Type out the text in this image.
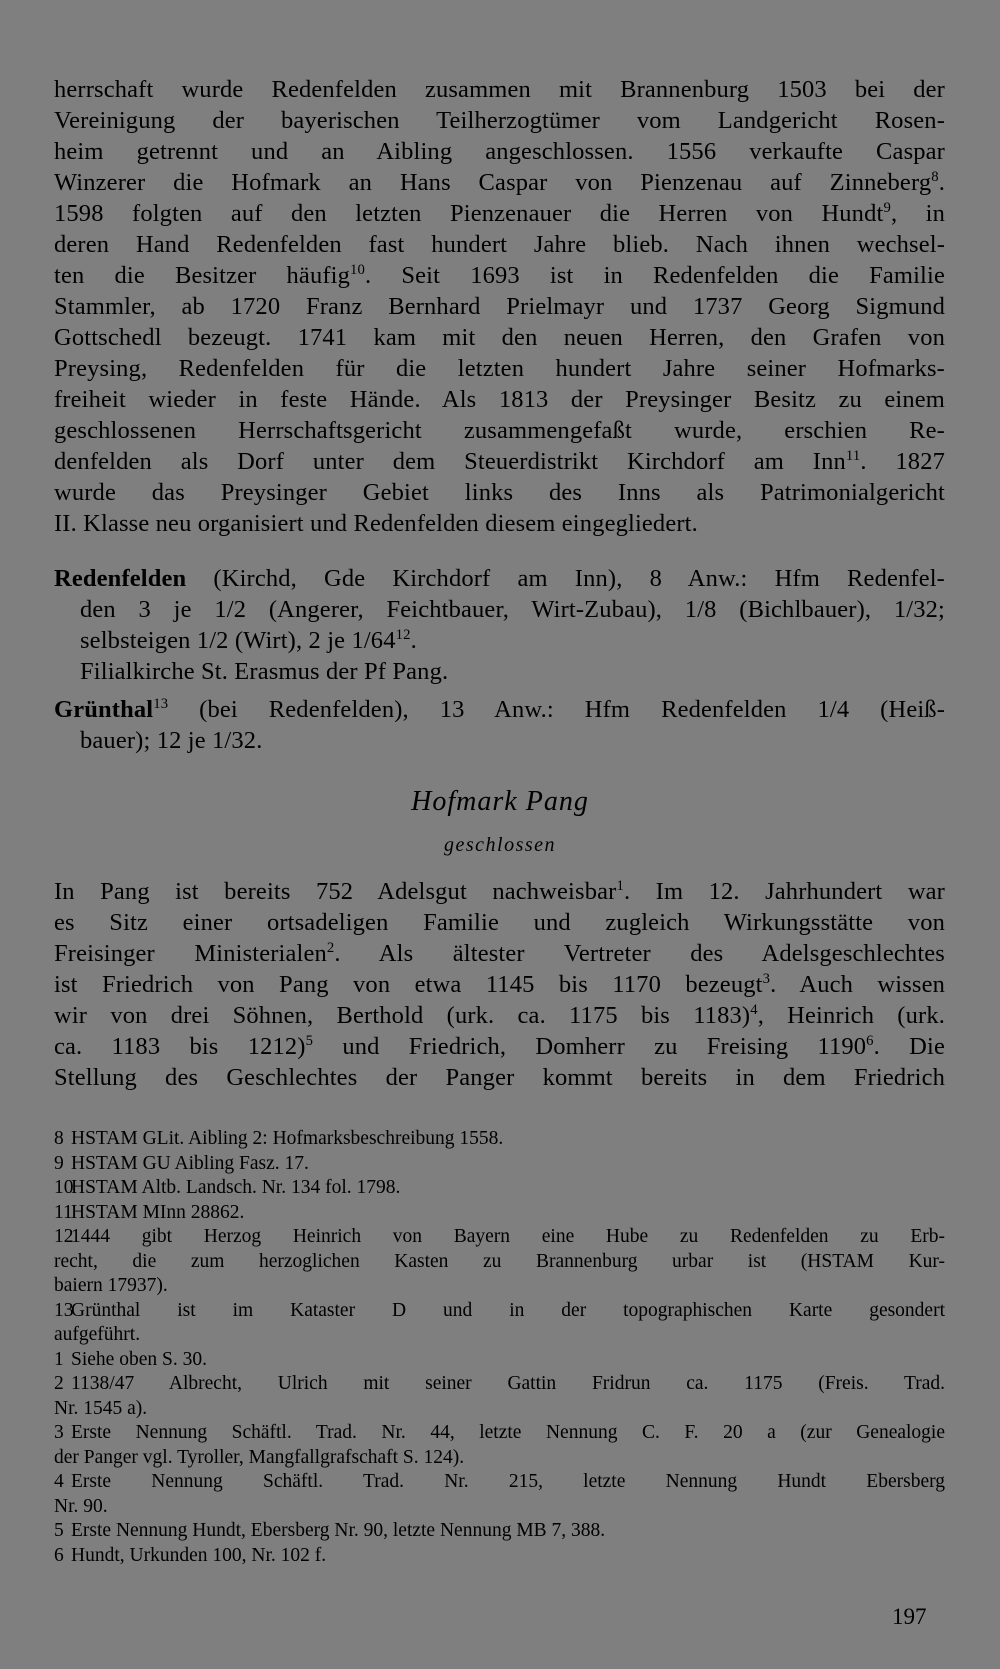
herrschaft wurde Redenfelden zusammen mit Brannenburg 1503 bei der
Vereinigung der bayerischen Teilherzogtümer vom Landgericht Rosen-
heim getrennt und an Aibling angeschlossen. 1556 verkaufte Caspar
Winzerer die Hofmark an Hans Caspar von Pienzenau auf Zinneberg$^8$.
1598 folgten auf den letzten Pienzenauer die Herren von Hundt$^9$, in
deren Hand Redenfelden fast hundert Jahre blieb. Nach ihnen wechsel-
ten die Besitzer häufig$^{10}$. Seit 1693 ist in Redenfelden die Familie
Stammler, ab 1720 Franz Bernhard Prielmayr und 1737 Georg Sigmund
Gottschedl bezeugt. 1741 kam mit den neuen Herren, den Grafen von
Preysing, Redenfelden für die letzten hundert Jahre seiner Hofmarks-
freiheit wieder in feste Hände. Als 1813 der Preysinger Besitz zu einem
geschlossenen Herrschaftsgericht zusammengefaßt wurde, erschien Re-
denfelden als Dorf unter dem Steuerdistrikt Kirchdorf am Inn$^{11}$. 1827
wurde das Preysinger Gebiet links des Inns als Patrimonialgericht
II. Klasse neu organisiert und Redenfelden diesem eingegliedert.
Redenfelden (Kirchd, Gde Kirchdorf am Inn), 8 Anw.: Hfm Redenfel-
den 3 je 1/2 (Angerer, Feichtbauer, Wirt-Zubau), 1/8 (Bichlbauer), 1/32;
selbsteigen 1/2 (Wirt), 2 je $1/64^{12}$.
Filialkirche St. Erasmus der Pf Pang.
Grünthal$^{13}$ (bei Redenfelden), 13 Anw.: Hfm Redenfelden 1/4 (Heiß-
bauer); 12 je 1/32.
Hofmark Pang
geschlossen
In Pang ist bereits 752 Adelsgut nachweisbar$^1$. Im 12. Jahrhundert war
es Sitz einer ortsadeligen Familie und zugleich Wirkungsstätte von
Freisinger Ministerialen$^2$. Als ältester Vertreter des Adelsgeschlechtes
ist Friedrich von Pang von etwa 1145 bis 1170 bezeugt$^3$. Auch wissen
wir von drei Söhnen, Berthold (urk. ca. 1175 bis 1183)$^4$, Heinrich (urk.
ca. 1183 bis 1212)$^5$ und Friedrich, Domherr zu Freising 1190$^6$. Die
Stellung des Geschlechtes der Panger kommt bereits in dem Friedrich
8 HSTAM GLit. Aibling 2: Hofmarksbeschreibung 1558.
9 HSTAM GU Aibling Fasz. 17.
10HSTAM Altb. Landsch. Nr. 134 fol. 1798.
11HSTAM MInn 28862.
121444 gibt Herzog Heinrich von Bayern eine Hube zu Redenfelden zu Erb-
recht, die zum herzoglichen Kasten zu Brannenburg urbar ist (HSTAM Kur-
baiern 17937).
13Grünthal ist im Kataster D und in der topographischen Karte gesondert
aufgeführt.
1 Siehe oben S. 30.
2 1138/47 Albrecht, Ulrich mit seiner Gattin Fridrun ca. 1175 (Freis. Trad.
Nr. 1545 a).
3 Erste Nennung Schäftl. Trad. Nr. 44, letzte Nennung C. F. 20 a (zur Genealogie
der Panger vgl. Tyroller, Mangfallgrafschaft S. 124).
4 Erste Nennung Schäftl. Trad. Nr. 215, letzte Nennung Hundt Ebersberg
Nr. 90.
5 Erste Nennung Hundt, Ebersberg Nr. 90, letzte Nennung MB 7, 388.
6 Hundt, Urkunden 100, Nr. 102 f.
197
